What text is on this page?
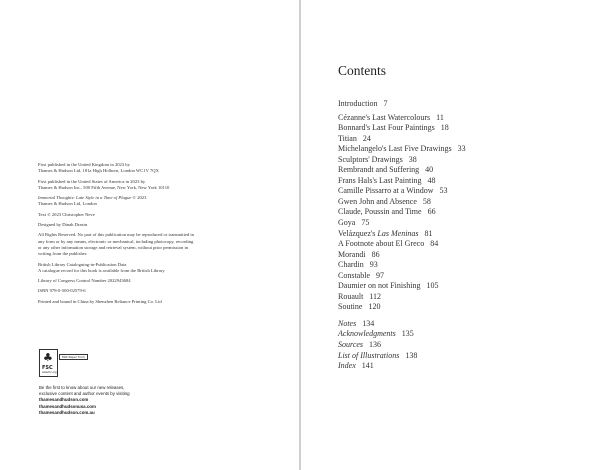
First published in the United Kingdom in 2023 by
Thames & Hudson Ltd, 181a High Holborn, London WC1V 7QX

First published in the United States of America in 2023 by
Thames & Hudson Inc., 500 Fifth Avenue, New York, New York 10110

Immortal Thoughts: Late Style in a Time of Plague © 2023
Thames & Hudson Ltd, London

Text © 2023 Christopher Neve

Designed by Dinah Drazin

All Rights Reserved. No part of this publication may be reproduced or transmitted in
any form or by any means, electronic or mechanical, including photocopy, recording
or any other information storage and retrieval system, without prior permission in
writing from the publisher.

British Library Cataloguing-in-Publication Data
A catalogue record for this book is available from the British Library

Library of Congress Control Number 2022943684

ISBN 978-0-500-02579-6

Printed and bound in China by Shenzhen Reliance Printing Co. Ltd

♣
FSC
www.fsc.org
MIX Paper from
Be the first to know about our new releases,
exclusive content and author events by visiting
thamesandhudson.com
thamesandhudsonusa.com
thamesandhudson.com.au
Contents
Introduction 7
Cézanne's Last Watercolours 11
Bonnard's Last Four Paintings 18
Titian 24
Michelangelo's Last Five Drawings 33
Sculptors' Drawings 38
Rembrandt and Suffering 40
Frans Hals's Last Painting 48
Camille Pissarro at a Window 53
Gwen John and Absence 58
Claude, Poussin and Time 66
Goya 75
Velázquez's Las Meninas 81
A Footnote about El Greco 84
Morandi 86
Chardin 93
Constable 97
Daumier on not Finishing 105
Rouault 112
Soutine 120
Notes 134
Acknowledgments 135
Sources 136
List of Illustrations 138
Index 141
